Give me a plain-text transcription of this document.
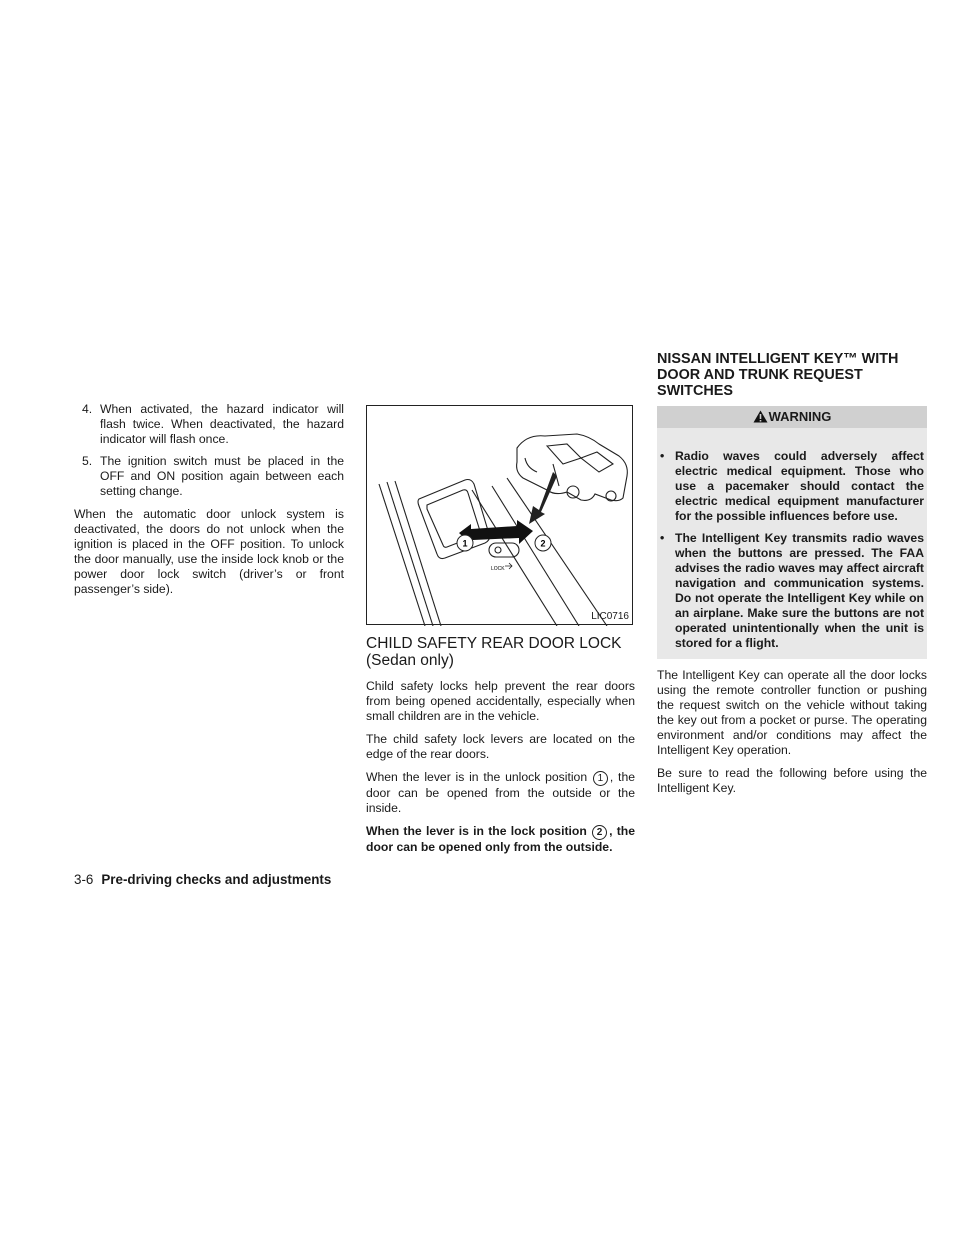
4. When activated, the hazard indicator will flash twice. When deactivated, the hazard indicator will flash once.
5. The ignition switch must be placed in the OFF and ON position again between each setting change.

When the automatic door unlock system is deactivated, the doors do not unlock when the ignition is placed in the OFF position. To unlock the door manually, use the inside lock knob or the power door lock switch (driver’s or front passenger’s side).

1	2
LOCK
LIC0716
CHILD SAFETY REAR DOOR LOCK
(Sedan only)

Child safety locks help prevent the rear doors from being opened accidentally, especially when small children are in the vehicle.

The child safety lock levers are located on the edge of the rear doors.

When the lever is in the unlock position 1 , the door can be opened from the outside or the inside.

When the lever is in the lock position 2 , the door can be opened only from the outside.

NISSAN INTELLIGENT KEY™ WITH DOOR AND TRUNK REQUEST SWITCHES
WARNING
• Radio waves could adversely affect electric medical equipment. Those who use a pacemaker should contact the electric medical equipment manufacturer for the possible influences before use.
• The Intelligent Key transmits radio waves when the buttons are pressed. The FAA advises the radio waves may affect aircraft navigation and communication systems. Do not operate the Intelligent Key while on an airplane. Make sure the buttons are not operated unintentionally when the unit is stored for a flight.

The Intelligent Key can operate all the door locks using the remote controller function or pushing the request switch on the vehicle without taking the key out from a pocket or purse. The operating environment and/or conditions may affect the Intelligent Key operation.

Be sure to read the following before using the Intelligent Key.

3-6 Pre-driving checks and adjustments
